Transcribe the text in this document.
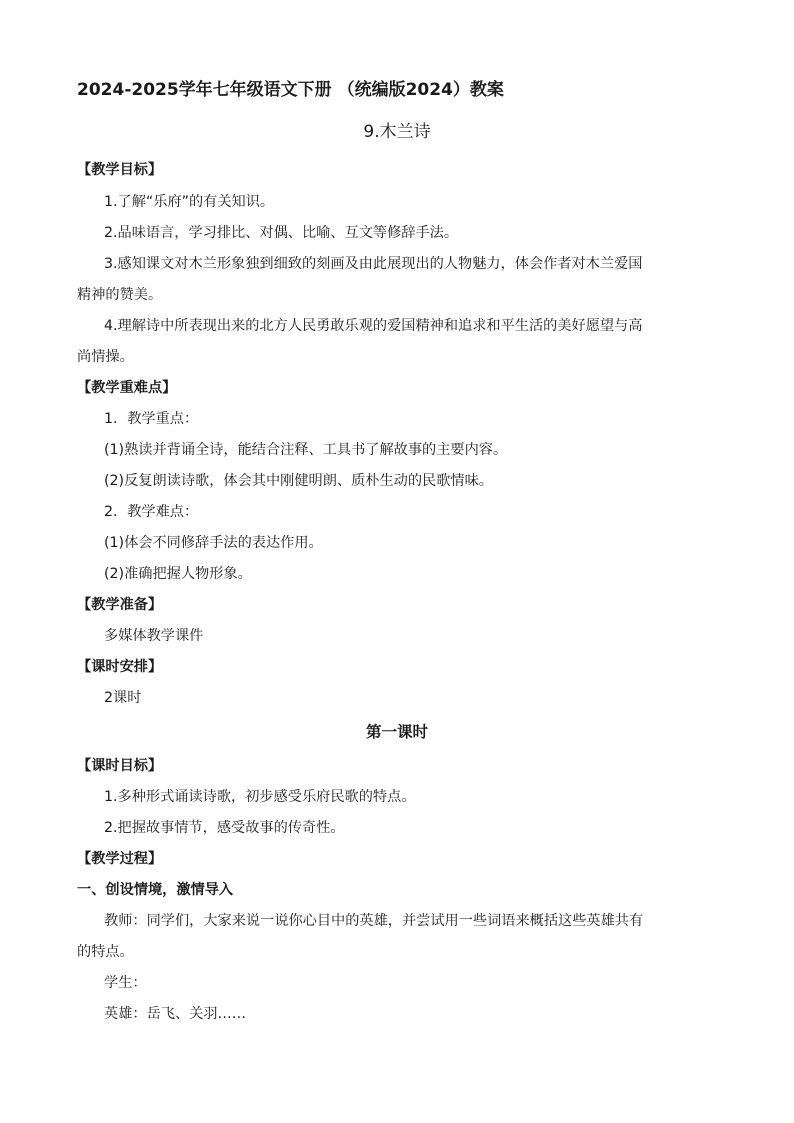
2024-2025学年七年级语文下册 （统编版2024）教案
9.木兰诗
【教学目标】
1.了解“乐府”的有关知识。
2.品味语言，学习排比、对偶、比喻、互文等修辞手法。
3.感知课文对木兰形象独到细致的刻画及由此展现出的人物魅力，体会作者对木兰爱国
精神的赞美。
4.理解诗中所表现出来的北方人民勇敢乐观的爱国精神和追求和平生活的美好愿望与高
尚情操。
【教学重难点】
1．教学重点：
(1)熟读并背诵全诗，能结合注释、工具书了解故事的主要内容。
(2)反复朗读诗歌，体会其中刚健明朗、质朴生动的民歌情味。
2．教学难点：
(1)体会不同修辞手法的表达作用。
(2)准确把握人物形象。
【教学准备】
多媒体教学课件
【课时安排】
2课时
第一课时
【课时目标】
1.多种形式诵读诗歌，初步感受乐府民歌的特点。
2.把握故事情节，感受故事的传奇性。
【教学过程】
一、创设情境，激情导入
教师：同学们，大家来说一说你心目中的英雄，并尝试用一些词语来概括这些英雄共有
的特点。
学生：
英雄：岳飞、关羽……
